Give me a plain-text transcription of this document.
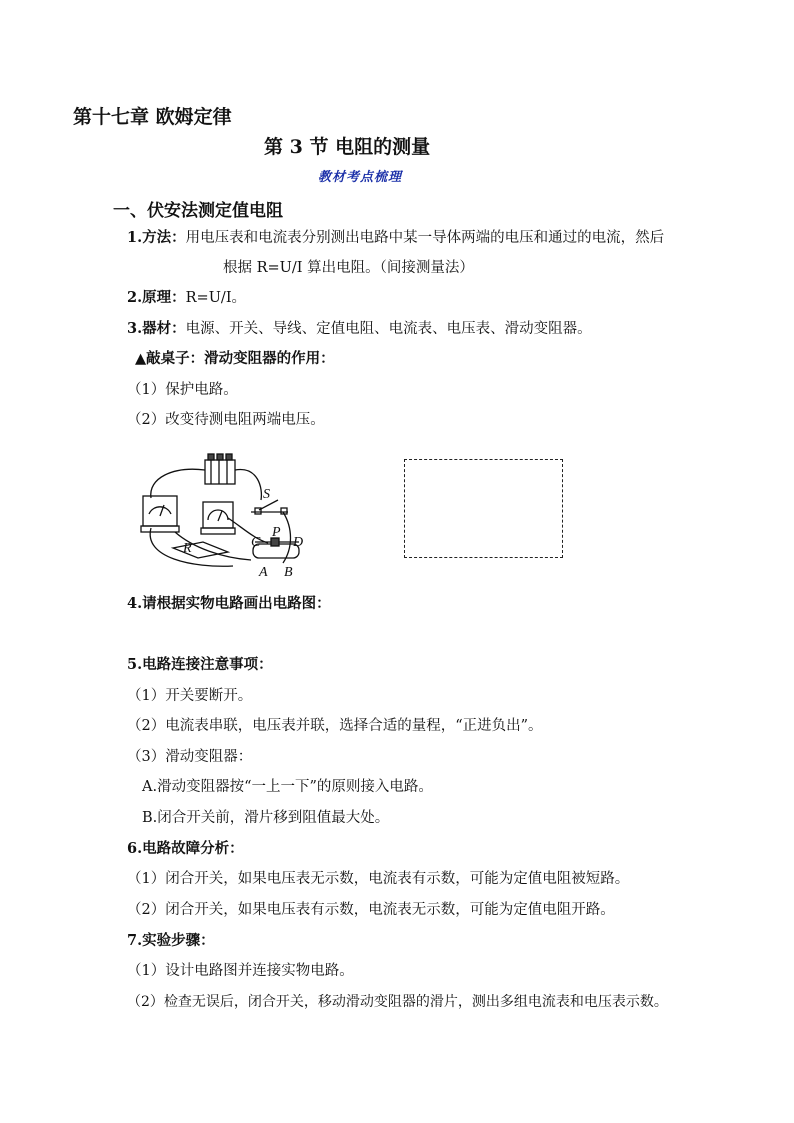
第十七章 欧姆定律
第 3 节 电阻的测量
教材考点梳理
一、伏安法测定值电阻
1.方法：用电压表和电流表分别测出电路中某一导体两端的电压和通过的电流，然后
根据 R=U/I 算出电阻。（间接测量法）
2.原理：R=U/I。
3.器材：电源、开关、导线、定值电阻、电流表、电压表、滑动变阻器。
▲敲桌子：滑动变阻器的作用：
（1）保护电路。
（2）改变待测电阻两端电压。
S
R	C
P
D
A B
4.请根据实物电路画出电路图：
5.电路连接注意事项：
（1）开关要断开。
（2）电流表串联，电压表并联，选择合适的量程，“正进负出”。
（3）滑动变阻器：
A.滑动变阻器按“一上一下”的原则接入电路。
B.闭合开关前，滑片移到阻值最大处。
6.电路故障分析：
（1）闭合开关，如果电压表无示数，电流表有示数，可能为定值电阻被短路。
（2）闭合开关，如果电压表有示数，电流表无示数，可能为定值电阻开路。
7.实验步骤：
（1）设计电路图并连接实物电路。
（2）检查无误后，闭合开关，移动滑动变阻器的滑片，测出多组电流表和电压表示数。
